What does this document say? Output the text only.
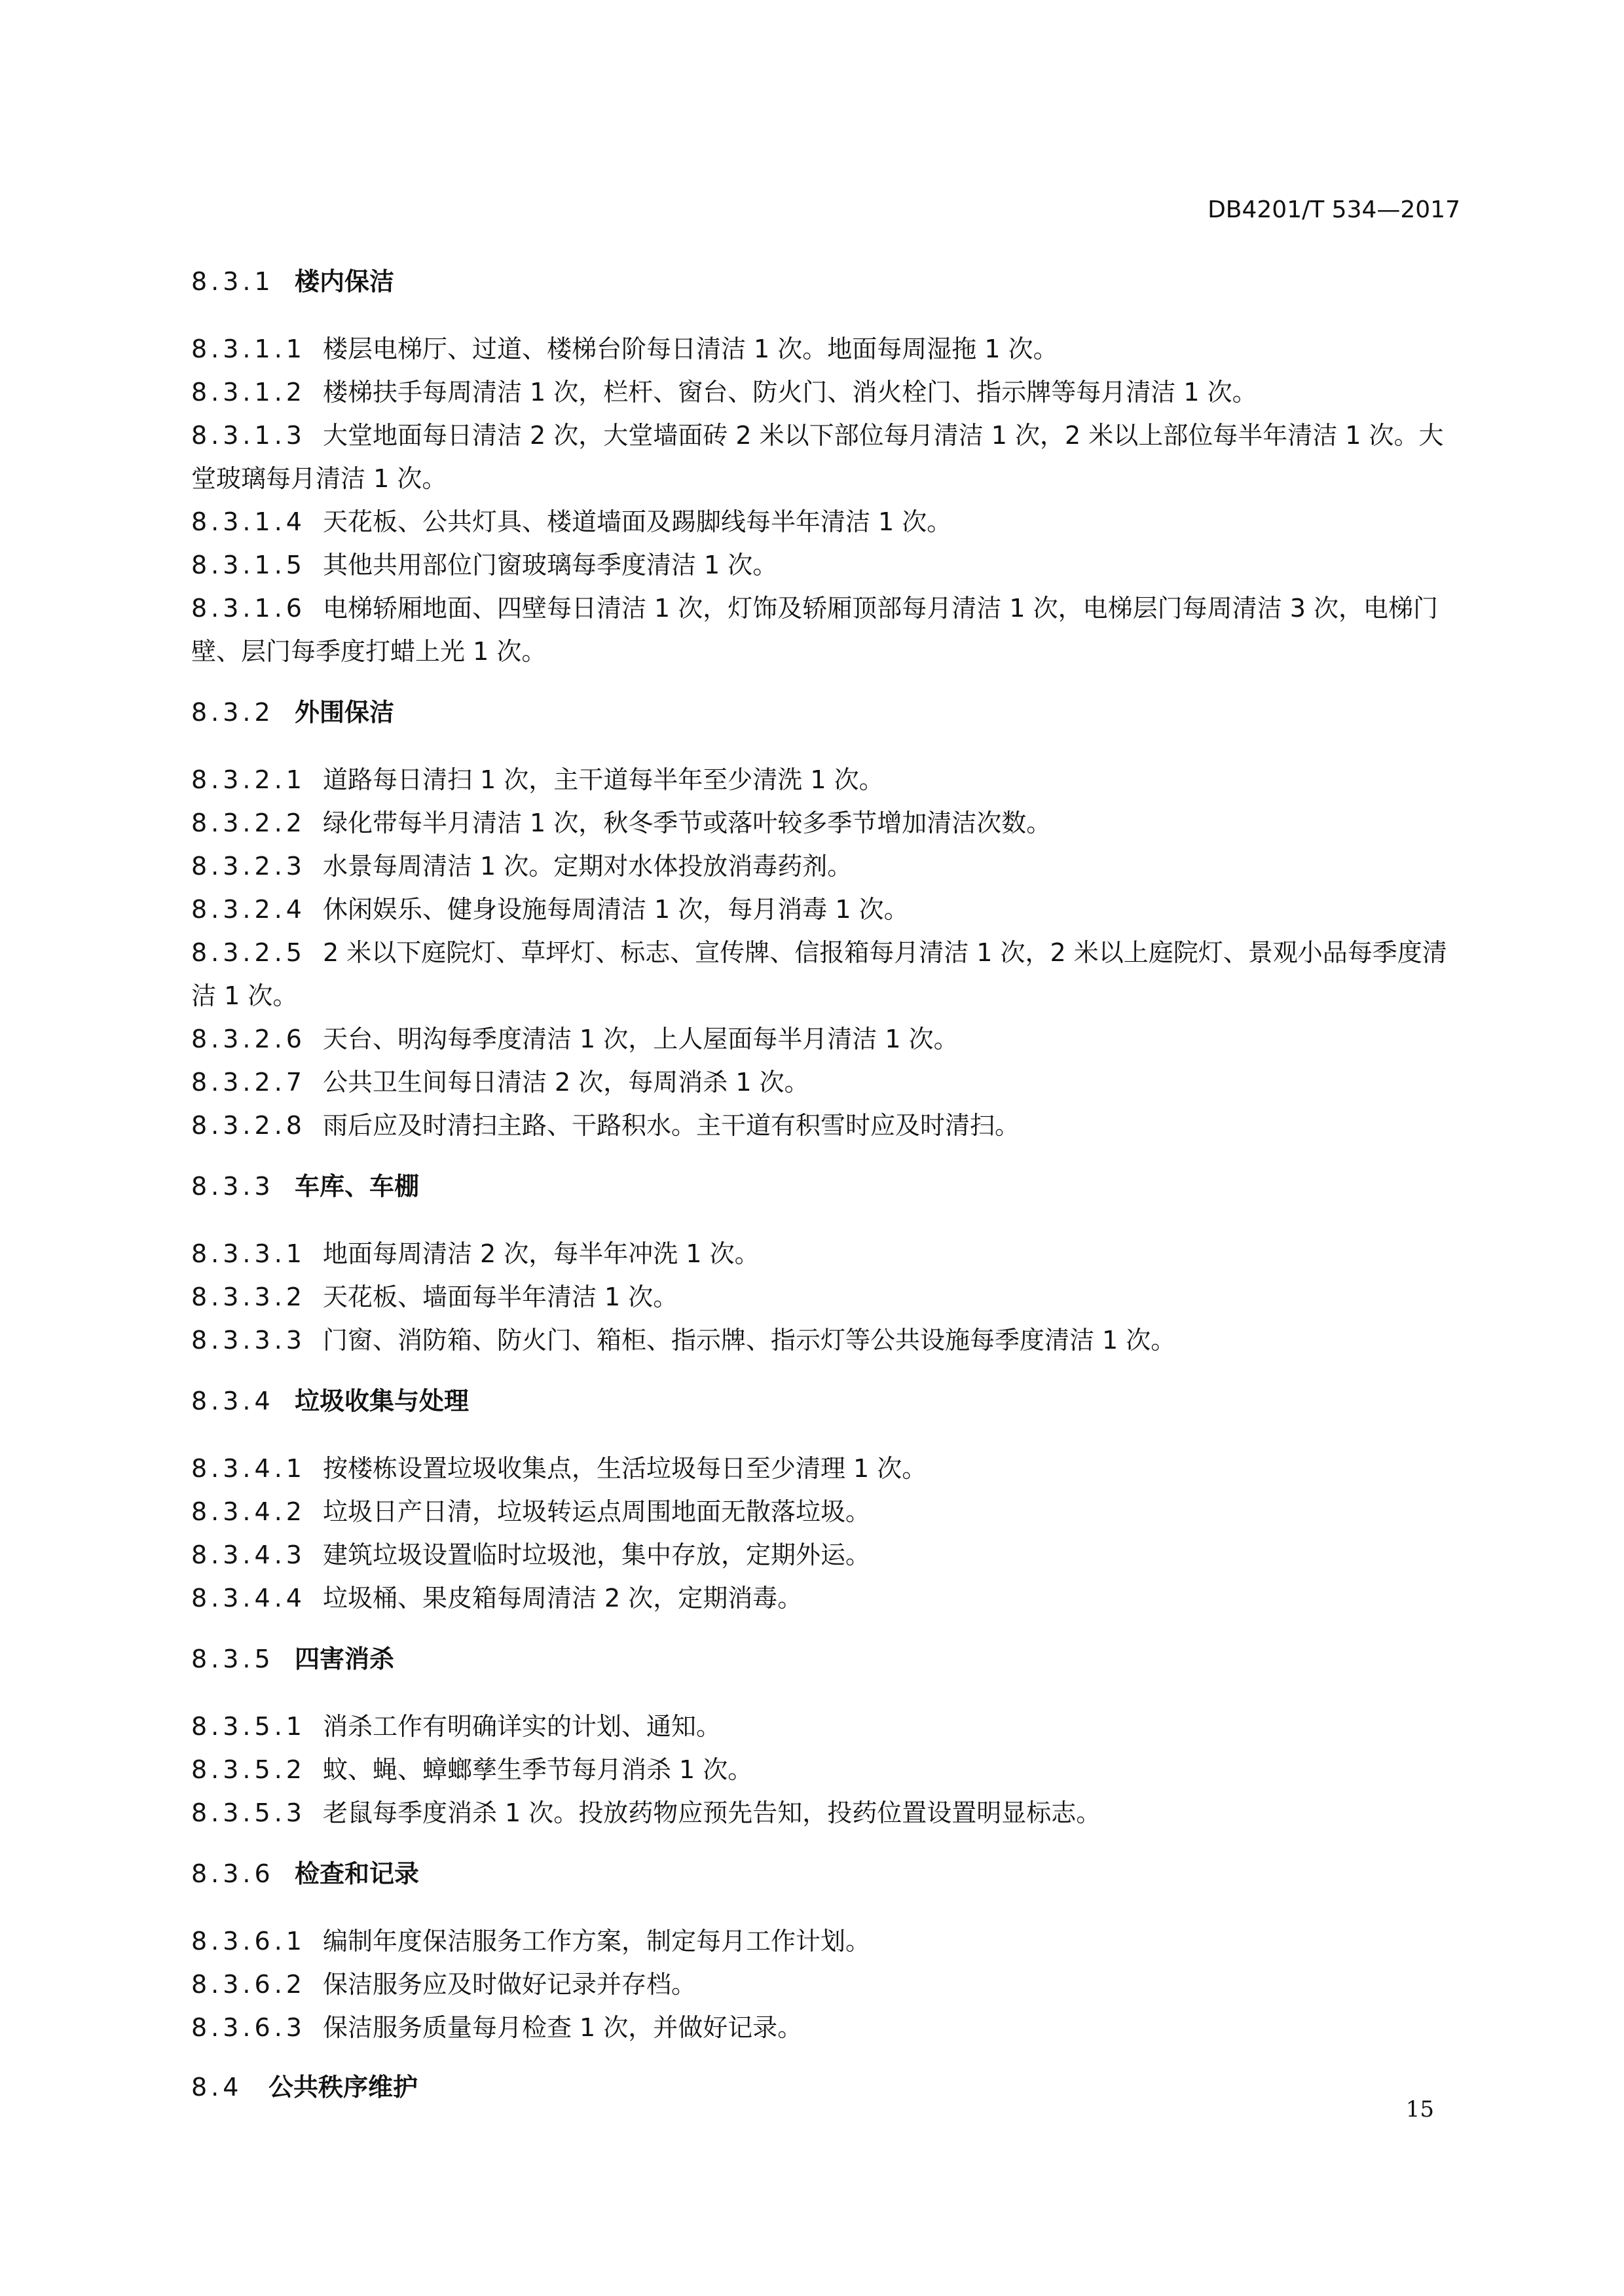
DB4201/T 534—2017
8.3.1 楼内保洁

8.3.1.1 楼层电梯厅、过道、楼梯台阶每日清洁 1 次。地面每周湿拖 1 次。

8.3.1.2 楼梯扶手每周清洁 1 次，栏杆、窗台、防火门、消火栓门、指示牌等每月清洁 1 次。

8.3.1.3 大堂地面每日清洁 2 次，大堂墙面砖 2 米以下部位每月清洁 1 次，2 米以上部位每半年清洁 1 次。大堂玻璃每月清洁 1 次。

8.3.1.4 天花板、公共灯具、楼道墙面及踢脚线每半年清洁 1 次。

8.3.1.5 其他共用部位门窗玻璃每季度清洁 1 次。

8.3.1.6 电梯轿厢地面、四壁每日清洁 1 次，灯饰及轿厢顶部每月清洁 1 次，电梯层门每周清洁 3 次，电梯门壁、层门每季度打蜡上光 1 次。

8.3.2 外围保洁

8.3.2.1 道路每日清扫 1 次，主干道每半年至少清洗 1 次。

8.3.2.2 绿化带每半月清洁 1 次，秋冬季节或落叶较多季节增加清洁次数。

8.3.2.3 水景每周清洁 1 次。定期对水体投放消毒药剂。

8.3.2.4 休闲娱乐、健身设施每周清洁 1 次，每月消毒 1 次。

8.3.2.5 2 米以下庭院灯、草坪灯、标志、宣传牌、信报箱每月清洁 1 次，2 米以上庭院灯、景观小品每季度清洁 1 次。

8.3.2.6 天台、明沟每季度清洁 1 次，上人屋面每半月清洁 1 次。

8.3.2.7 公共卫生间每日清洁 2 次，每周消杀 1 次。

8.3.2.8 雨后应及时清扫主路、干路积水。主干道有积雪时应及时清扫。

8.3.3 车库、车棚

8.3.3.1 地面每周清洁 2 次，每半年冲洗 1 次。

8.3.3.2 天花板、墙面每半年清洁 1 次。

8.3.3.3 门窗、消防箱、防火门、箱柜、指示牌、指示灯等公共设施每季度清洁 1 次。

8.3.4 垃圾收集与处理

8.3.4.1 按楼栋设置垃圾收集点，生活垃圾每日至少清理 1 次。

8.3.4.2 垃圾日产日清，垃圾转运点周围地面无散落垃圾。

8.3.4.3 建筑垃圾设置临时垃圾池，集中存放，定期外运。

8.3.4.4 垃圾桶、果皮箱每周清洁 2 次，定期消毒。

8.3.5 四害消杀

8.3.5.1 消杀工作有明确详实的计划、通知。

8.3.5.2 蚊、蝇、蟑螂孳生季节每月消杀 1 次。

8.3.5.3 老鼠每季度消杀 1 次。投放药物应预先告知，投药位置设置明显标志。

8.3.6 检查和记录

8.3.6.1 编制年度保洁服务工作方案，制定每月工作计划。

8.3.6.2 保洁服务应及时做好记录并存档。

8.3.6.3 保洁服务质量每月检查 1 次，并做好记录。

8.4 公共秩序维护
15
